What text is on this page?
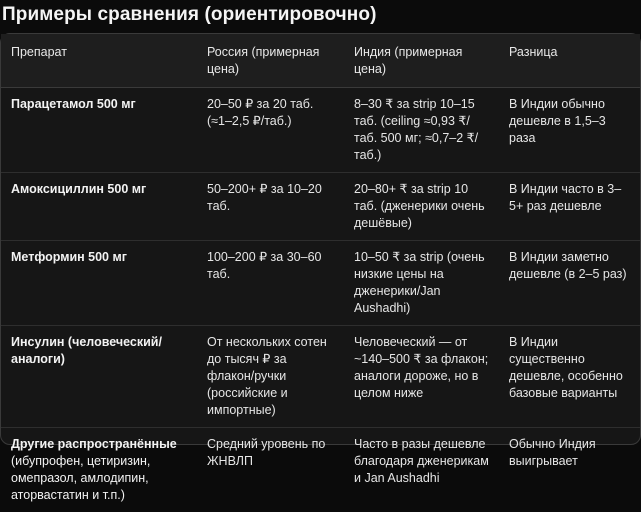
Примеры сравнения (ориентировочно)
Препарат	Россия (примерная цена)	Индия (примерная цена)	Разница
Парацетамол 500 мг	20–50 ₽ за 20 таб. (≈1–2,5 ₽/таб.)	8–30 ₹ за strip 10–15 таб. (ceiling ≈0,93 ₹/таб. 500 мг; ≈0,7–2 ₹/таб.)	В Индии обычно дешевле в 1,5–3 раза
Амоксициллин 500 мг	50–200+ ₽ за 10–20 таб.	20–80+ ₹ за strip 10 таб. (дженерики очень дешёвые)	В Индии часто в 3–5+ раз дешевле
Метформин 500 мг	100–200 ₽ за 30–60 таб.	10–50 ₹ за strip (очень низкие цены на дженерики/Jan Aushadhi)	В Индии заметно дешевле (в 2–5 раз)
Инсулин (человеческий/аналоги)	От нескольких сотен до тысяч ₽ за флакон/ручки (российские и импортные)	Человеческий — от ~140–500 ₹ за флакон; аналоги дороже, но в целом ниже	В Индии существенно дешевле, особенно базовые варианты
Другие распространённые
(ибупрофен, цетиризин, омепразол, амлодипин, аторвастатин и т.п.)	Средний уровень по ЖНВЛП	Часто в разы дешевле благодаря дженерикам и Jan Aushadhi	Обычно Индия выигрывает
